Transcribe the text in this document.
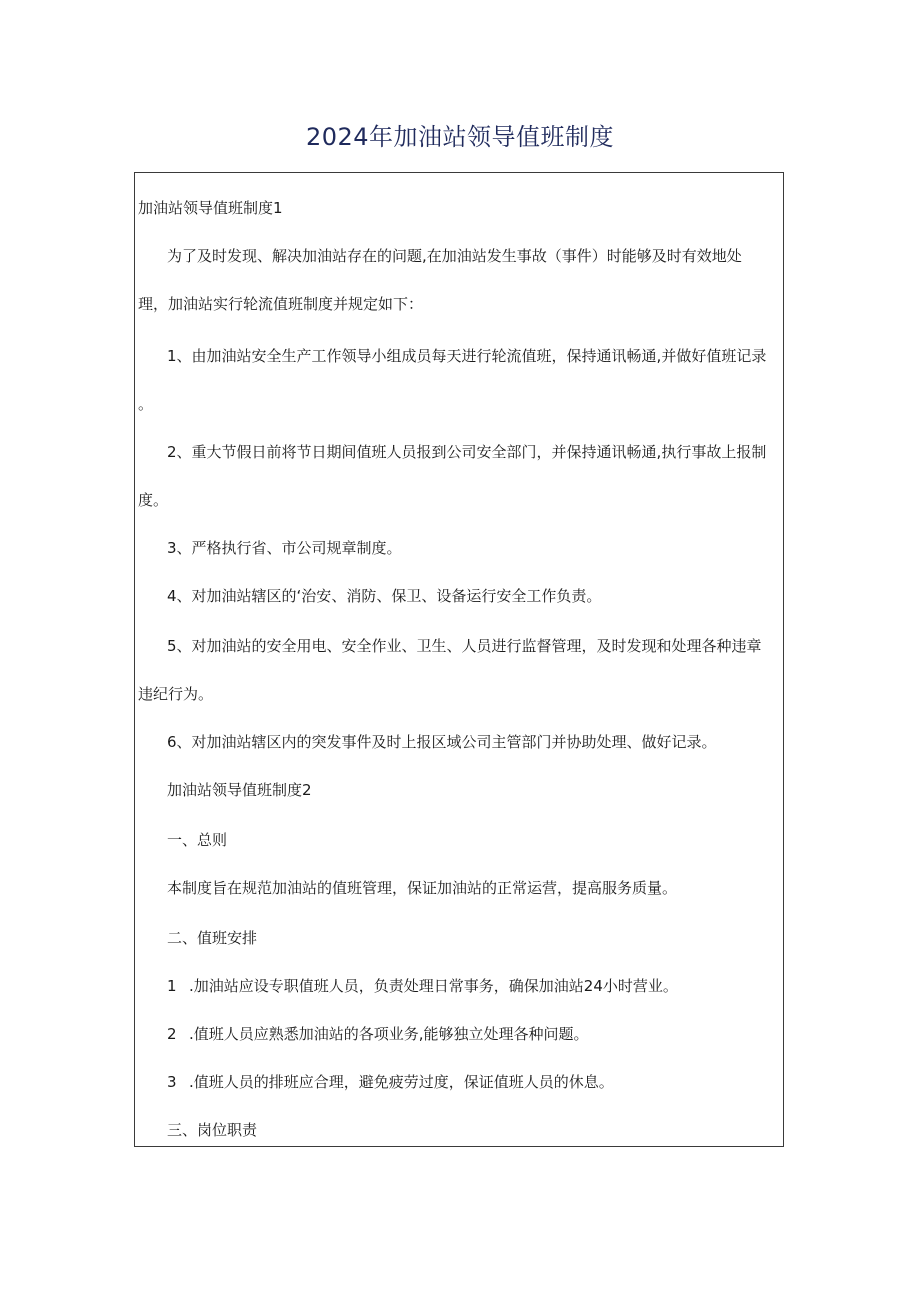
2024年加油站领导值班制度

加油站领导值班制度1

为了及时发现、解决加油站存在的问题,在加油站发生事故（事件）时能够及时有效地处

理，加油站实行轮流值班制度并规定如下：

1、由加油站安全生产工作领导小组成员每天进行轮流值班，保持通讯畅通,并做好值班记录

。

2、重大节假日前将节日期间值班人员报到公司安全部门，并保持通讯畅通,执行事故上报制

度。

3、严格执行省、市公司规章制度。

4、对加油站辖区的‘治安、消防、保卫、设备运行安全工作负责。

5、对加油站的安全用电、安全作业、卫生、人员进行监督管理，及时发现和处理各种违章

违纪行为。

6、对加油站辖区内的突发事件及时上报区域公司主管部门并协助处理、做好记录。

加油站领导值班制度2

一、总则

本制度旨在规范加油站的值班管理，保证加油站的正常运营，提高服务质量。

二、值班安排

1 .加油站应设专职值班人员，负责处理日常事务，确保加油站24小时营业。

2 .值班人员应熟悉加油站的各项业务,能够独立处理各种问题。

3 .值班人员的排班应合理，避免疲劳过度，保证值班人员的休息。

三、岗位职责
